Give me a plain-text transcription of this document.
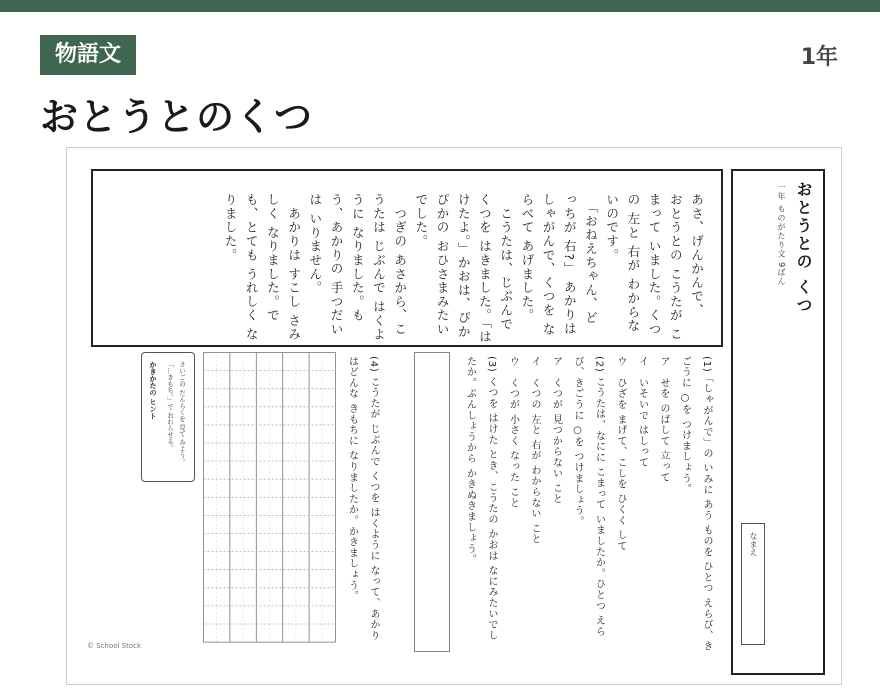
物語文	1年
おとうとのくつ
あさ、げんかんで、
おとうとの こうたが こ
まって いました。くつ
の 左と 右が わからな
いのです。
　「おねえちゃん、ど
っちが 右?」 あかりは
しゃがんで、くつを な
らべて あげました。
　こうたは、じぶんで
くつを はきました。「は
けたよ。」かおは、ぴか
ぴかの おひさまみたい
でした。
　つぎの あさから、こ
うたは じぶんで はくよ
うに なりました。も
う、あかりの 手つだい
は いりません。
　あかりは すこし さみ
しく なりました。で
も、とても うれしく な
りました。	おとうとの くつ
一年 ものがたり文 9ばん
なまえ
(1)「しゃがんで」の いみに あう ものを ひとつ えらび、き
ごうに ○を つけましょう。
ア　せを のばして 立って
イ　いそいで はしって
ウ　ひざを まげて、こしを ひくく して
(2) こうたは、なにに こまって いましたか。ひとつ えら
び、きごうに ○を つけましょう。
ア　くつが 見つからない こと
イ　くつの 左と 右が わからない こと
ウ　くつが 小さく なった こと
(3) くつを はけた とき、こうたの かおは なにみたいでし
たか。ぶんしょうから かきぬきましょう。
(4) こうたが じぶんで くつを はくように なって、あかり
はどんな きもちに なりましたか。かきましょう。
かきかたの ヒント	さいごの だんらくを 見て みよう。
「…きもち。」で おわらせる。
© School Stock
